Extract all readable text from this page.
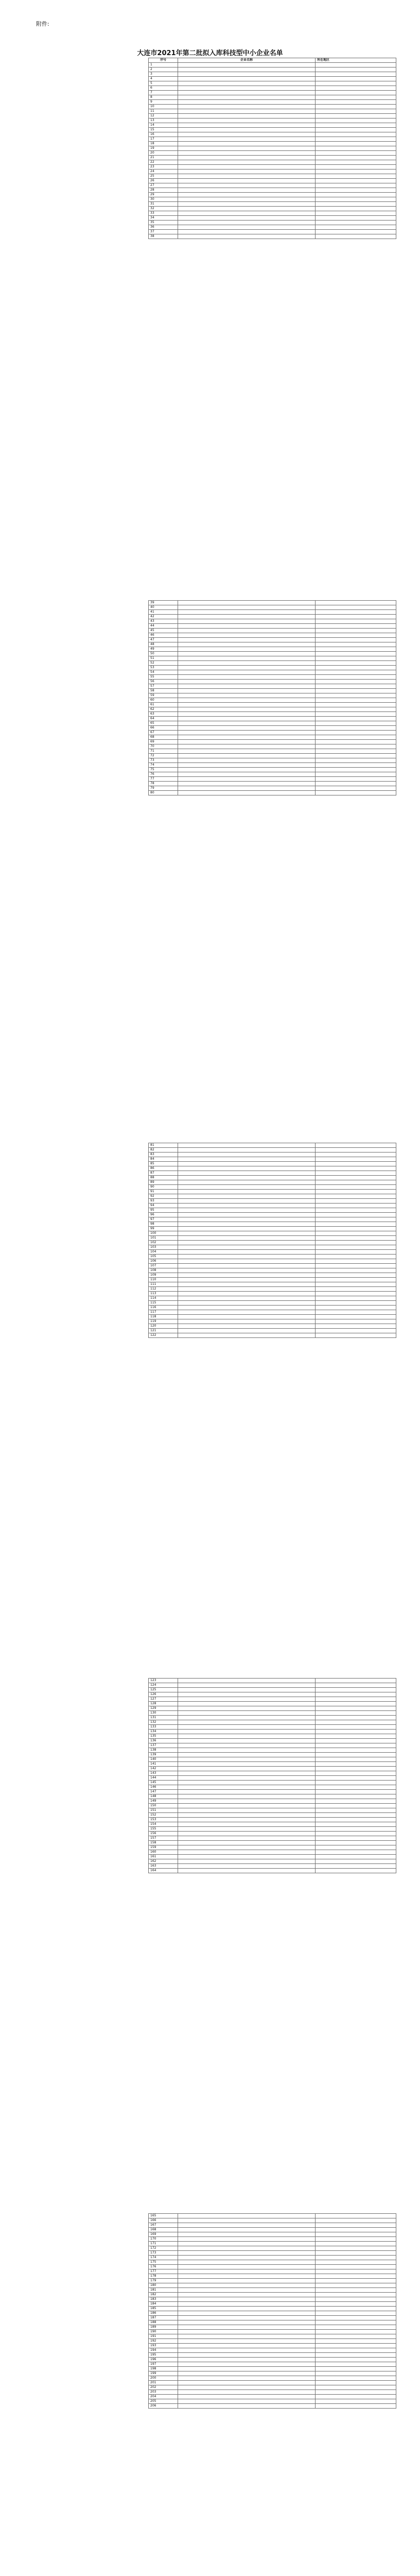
附件:
大连市2021年第二批拟入库科技型中小企业名单
序号	企业名称	所在地区
1		
2		
3		
4		
5		
6		
7		
8		
9		
10		
11		
12		
13		
14		
15		
16		
17		
18		
19		
20		
21		
22		
23		
24		
25		
26		
27		
28		
29		
30		
31		
32		
33		
34		
35		
36		
37		
38		
39		
40		
41		
42		
43		
44		
45		
46		
47		
48		
49		
50		
51		
52		
53		
54		
55		
56		
57		
58		
59		
60		
61		
62		
63		
64		
65		
66		
67		
68		
69		
70		
71		
72		
73		
74		
75		
76		
77		
78		
79		
80		
81		
82		
83		
84		
85		
86		
87		
88		
89		
90		
91		
92		
93		
94		
95		
96		
97		
98		
99		
100		
101		
102		
103		
104		
105		
106		
107		
108		
109		
110		
111		
112		
113		
114		
115		
116		
117		
118		
119		
120		
121		
122		
123		
124		
125		
126		
127		
128		
129		
130		
131		
132		
133		
134		
135		
136		
137		
138		
139		
140		
141		
142		
143		
144		
145		
146		
147		
148		
149		
150		
151		
152		
153		
154		
155		
156		
157		
158		
159		
160		
161		
162		
163		
164		
165		
166		
167		
168		
169		
170		
171		
172		
173		
174		
175		
176		
177		
178		
179		
180		
181		
182		
183		
184		
185		
186		
187		
188		
189		
190		
191		
192		
193		
194		
195		
196		
197		
198		
199		
200		
201		
202		
203		
204		
205		
206		
